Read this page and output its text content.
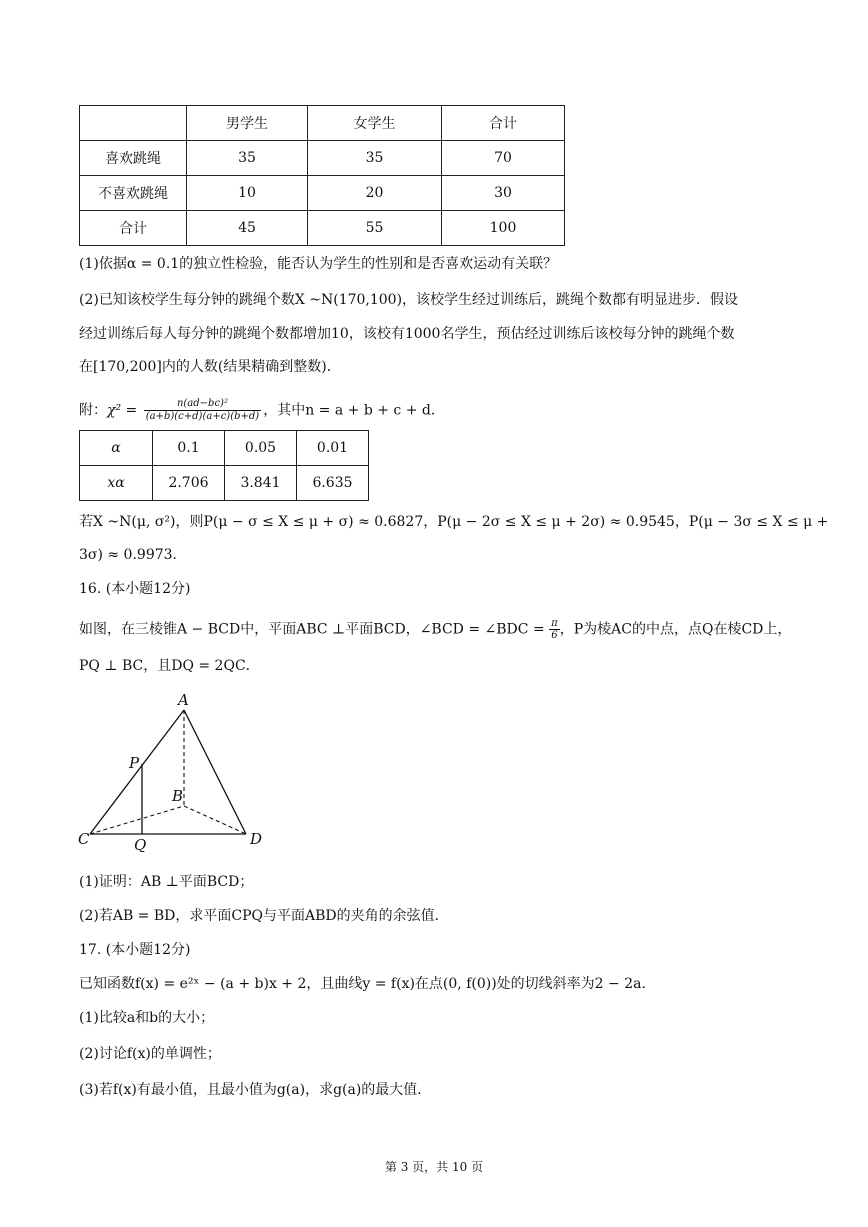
	男学生	女学生	合计
喜欢跳绳	35	35	70
不喜欢跳绳	10	20	30
合计	45	55	100
(1)依据α = 0.1的独立性检验，能否认为学生的性别和是否喜欢运动有关联？
(2)已知该校学生每分钟的跳绳个数X ~N(170,100)，该校学生经过训练后，跳绳个数都有明显进步．假设
经过训练后每人每分钟的跳绳个数都增加10，该校有1000名学生，预估经过训练后该校每分钟的跳绳个数
在[170,200]内的人数(结果精确到整数)．
附：$\chi^2 = \frac{\text{n(ad−bc)²}}{(a+b)(c+d)(a+c)(b+d)}$ ，其中n = a + b + c + d．
α	0.1	0.05	0.01
xα	2.706	3.841	6.635
若X ~N(μ, σ²)，则P(μ − σ ≤ X ≤ μ + σ) ≈ 0.6827，P(μ − 2σ ≤ X ≤ μ + 2σ) ≈ 0.9545，P(μ − 3σ ≤ X ≤ μ +
3σ) ≈ 0.9973．
16. (本小题12分)
如图，在三棱锥A − BCD中，平面ABC ⊥平面BCD，∠BCD = ∠BDC = $\frac{\pi}{6}$ ，P为棱AC的中点，点Q在棱CD上，
PQ ⊥ BC，且DQ = 2QC．
A
B
C	D
P
Q
(1)证明：AB ⊥平面BCD；
(2)若AB = BD，求平面CPQ与平面ABD的夹角的余弦值．
17. (本小题12分)
已知函数f(x) = e²ˣ − (a + b)x + 2，且曲线y = f(x)在点(0, f(0))处的切线斜率为2 − 2a．
(1)比较a和b的大小；
(2)讨论f(x)的单调性；
(3)若f(x)有最小值，且最小值为g(a)，求g(a)的最大值．
第 3 页，共 10 页
